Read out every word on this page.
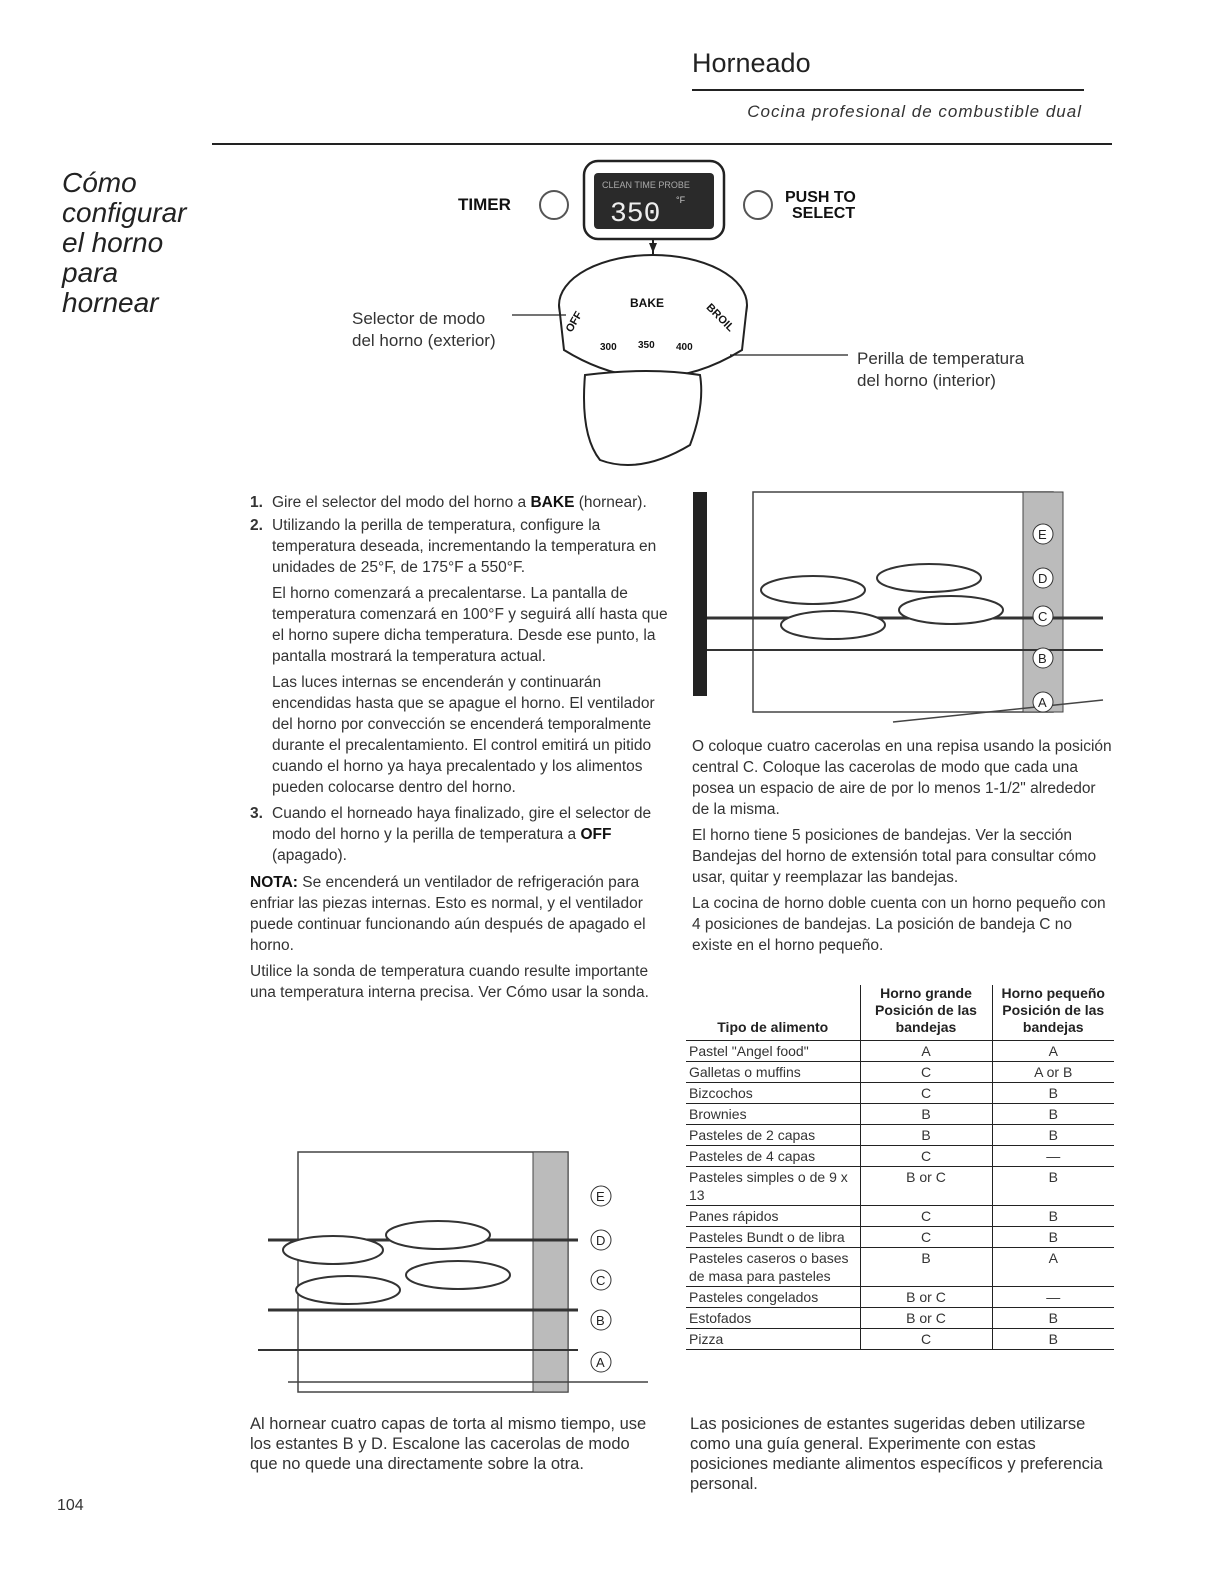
Horneado
Cocina profesional de combustible dual
Cómo
configurar
el horno
para
hornear
TIMER
CLEAN TIME PROBE
350 °F	PUSH TO
SELECT
BAKE
OFF	BROIL
300 350 400
Selector de modo
del horno (exterior)
Perilla de temperatura
del horno (interior)
1. Gire el selector del modo del horno a BAKE (hornear).
2. Utilizando la perilla de temperatura, configure la temperatura deseada, incrementando la temperatura en unidades de 25°F, de 175°F a 550°F.

El horno comenzará a precalentarse. La pantalla de temperatura comenzará en 100°F y seguirá allí hasta que el horno supere dicha temperatura. Desde ese punto, la pantalla mostrará la temperatura actual.

Las luces internas se encenderán y continuarán encendidas hasta que se apague el horno. El ventilador del horno por convección se encenderá temporalmente durante el precalentamiento. El control emitirá un pitido cuando el horno ya haya precalentado y los alimentos pueden colocarse dentro del horno.

3. Cuando el horneado haya finalizado, gire el selector de modo del horno y la perilla de temperatura a OFF (apagado).

NOTA: Se encenderá un ventilador de refrigeración para enfriar las piezas internas. Esto es normal, y el ventilador puede continuar funcionando aún después de apagado el horno.

Utilice la sonda de temperatura cuando resulte importante una temperatura interna precisa. Ver Cómo usar la sonda.

E
D
C
B
A
Al hornear cuatro capas de torta al mismo tiempo, use los estantes B y D. Escalone las cacerolas de modo que no quede una directamente sobre la otra.
E
D
C
B
A

O coloque cuatro cacerolas en una repisa usando la posición central C. Coloque las cacerolas de modo que cada una posea un espacio de aire de por lo menos 1-1/2" alrededor de la misma.

El horno tiene 5 posiciones de bandejas. Ver la sección Bandejas del horno de extensión total para consultar cómo usar, quitar y reemplazar las bandejas.

La cocina de horno doble cuenta con un horno pequeño con 4 posiciones de bandejas. La posición de bandeja C no existe en el horno pequeño.

Tipo de alimento	Horno grande Posición de las bandejas	Horno pequeño Posición de las bandejas
Pastel "Angel food"	A	A
Galletas o muffins	C	A or B
Bizcochos	C	B
Brownies	B	B
Pasteles de 2 capas	B	B
Pasteles de 4 capas	C	—
Pasteles simples o de 9 x 13	B or C	B
Panes rápidos	C	B
Pasteles Bundt o de libra	C	B
Pasteles caseros o bases de masa para pasteles	B	A
Pasteles congelados	B or C	—
Estofados	B or C	B
Pizza	C	B
Las posiciones de estantes sugeridas deben utilizarse como una guía general. Experimente con estas posiciones mediante alimentos específicos y preferencia personal.
104
